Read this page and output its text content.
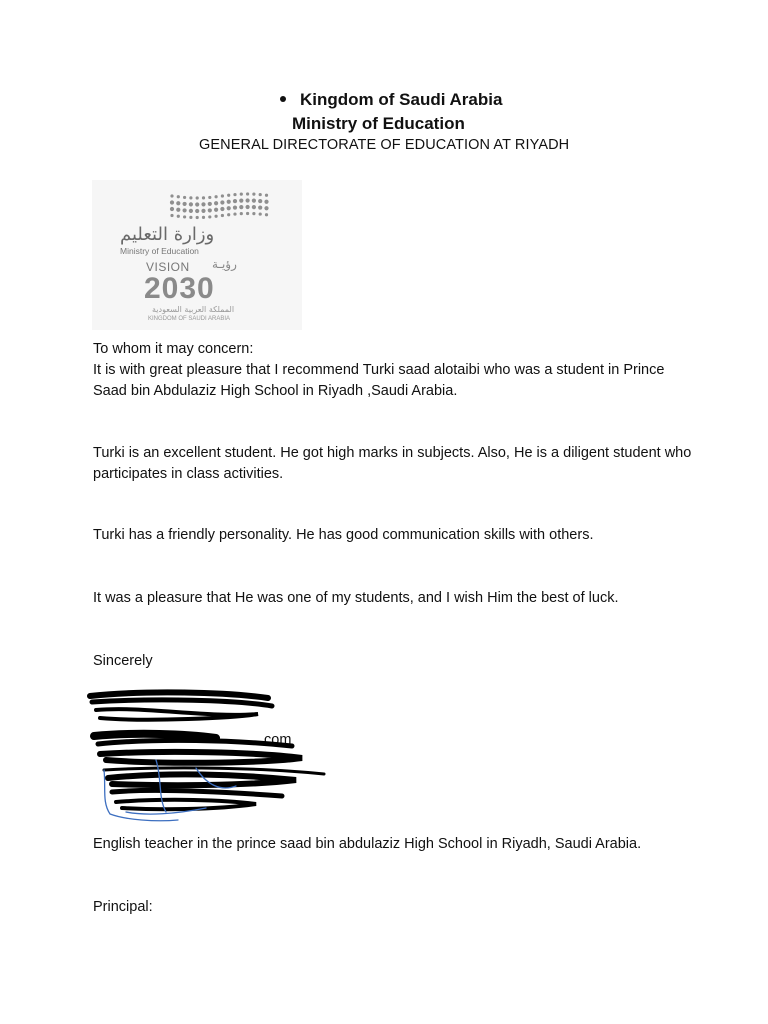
Kingdom of Saudi Arabia
Ministry of Education
GENERAL DIRECTORATE OF EDUCATION AT RIYADH
وزارة التعليم
Ministry of Education
VISION رؤيـة
2030
المملكة العربية السعودية
KINGDOM OF SAUDI ARABIA

To whom it may concern:

It is with great pleasure that I recommend Turki saad alotaibi who was a student in Prince Saad bin Abdulaziz High School in Riyadh ,Saudi Arabia.

Turki is an excellent student. He got high marks in subjects. Also, He is a diligent student who participates in class activities.
Turki has a friendly personality. He has good communication skills with others.
It was a pleasure that He was one of my students, and I wish Him the best of luck.
Sincerely
com
English teacher in the prince saad bin abdulaziz High School in Riyadh, Saudi Arabia.
Principal:
